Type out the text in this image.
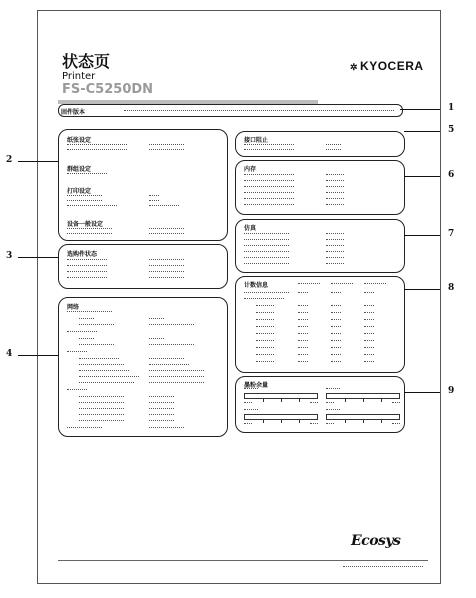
状态页
Printer
FS-C5250DN
✲ KYOCERA
固件版本
纸张设定
群组设定
打印设定
设备一般设定
选购件状态
网络
接口阻止
内存
仿真
计数信息
墨粉余量
Ecosys
1
2
3
4
5
6
7
8
9
